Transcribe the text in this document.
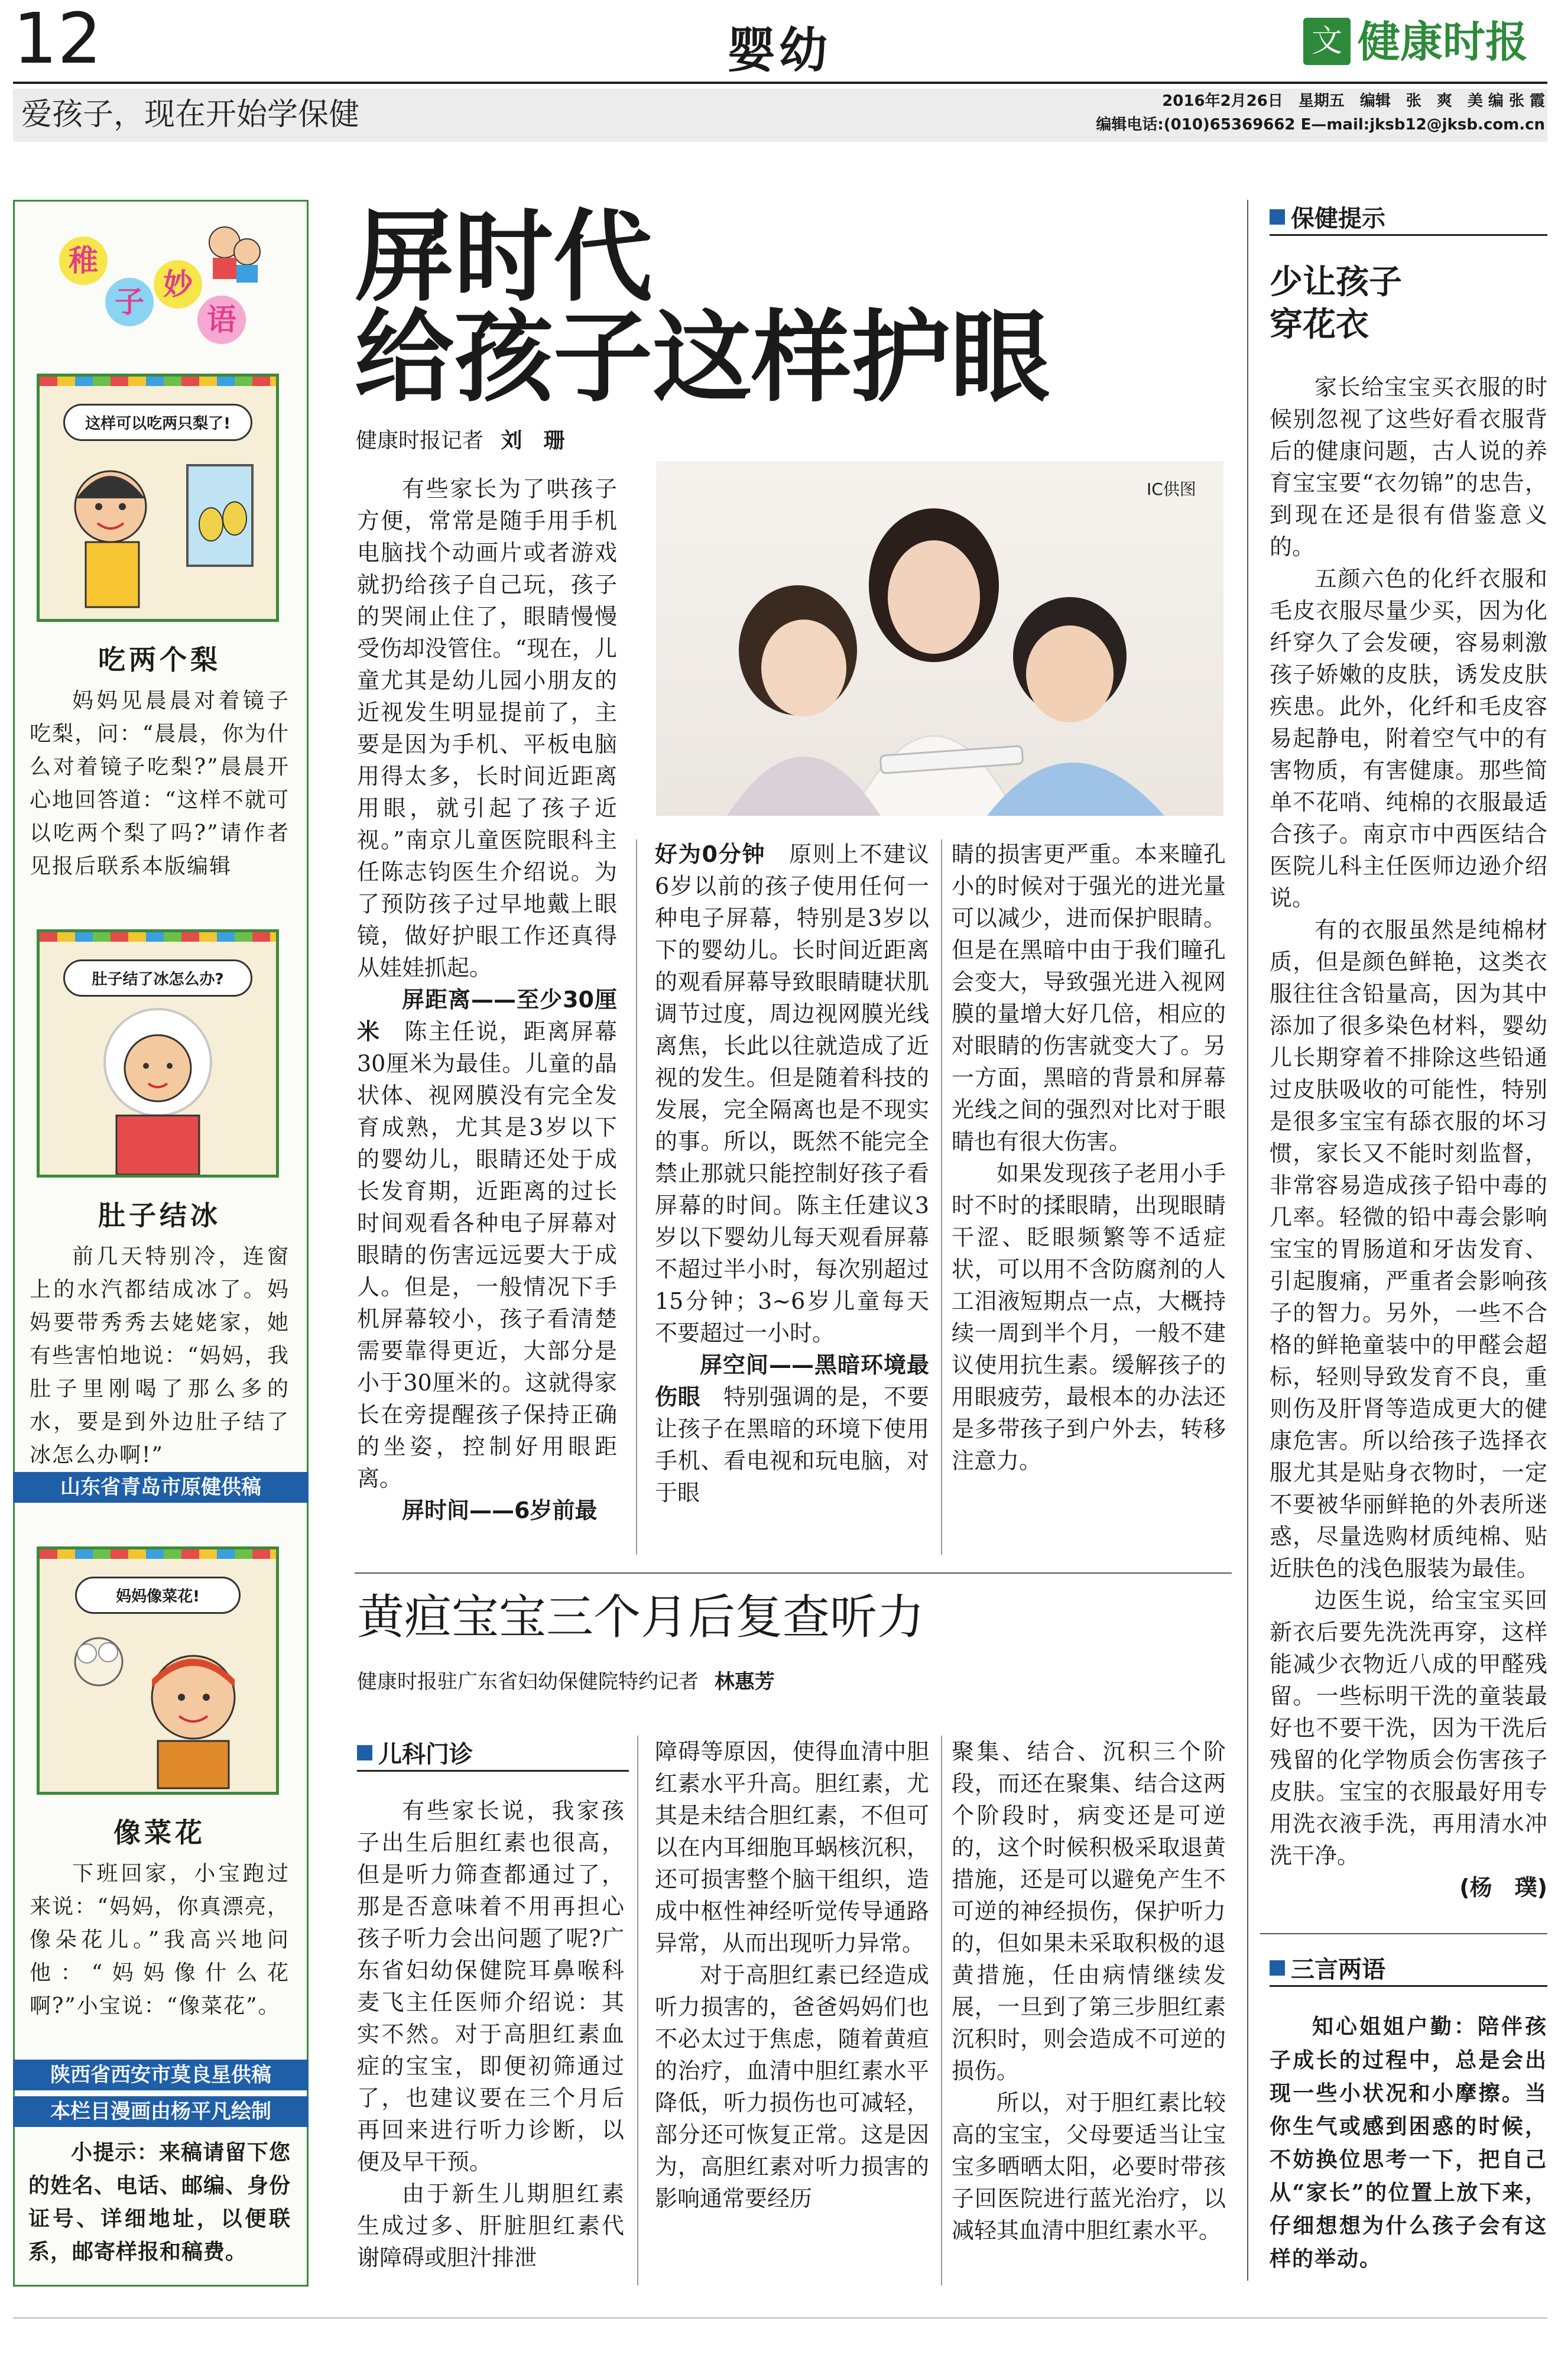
12	婴幼	文 健康时报
爱孩子，现在开始学保健	2016年2月26日　星期五　编辑　张　爽　美 编 张 霞
编辑电话:(010)65369662 E—mail:jksb12@jksb.com.cn
稚
子
妙
语
这样可以吃两只梨了!
吃两个梨
妈妈见晨晨对着镜子吃梨，问：“晨晨，你为什么对着镜子吃梨?”晨晨开心地回答道：“这样不就可以吃两个梨了吗?”请作者见报后联系本版编辑
肚子结了冰怎么办?
肚子结冰
前几天特别冷，连窗上的水汽都结成冰了。妈妈要带秀秀去姥姥家，她有些害怕地说：“妈妈，我肚子里刚喝了那么多的水，要是到外边肚子结了冰怎么办啊!”
山东省青岛市原健供稿
妈妈像菜花!
像菜花
下班回家，小宝跑过来说：“妈妈，你真漂亮，像朵花儿。”我高兴地问他：“妈妈像什么花啊?”小宝说：“像菜花”。
陕西省西安市莫良星供稿
本栏目漫画由杨平凡绘制
小提示：来稿请留下您的姓名、电话、邮编、身份证号、详细地址，以便联系，邮寄样报和稿费。
屏时代
给孩子这样护眼
健康时报记者 刘　珊
IC供图

有些家长为了哄孩子方便，常常是随手用手机电脑找个动画片或者游戏就扔给孩子自己玩，孩子的哭闹止住了，眼睛慢慢受伤却没管住。“现在，儿童尤其是幼儿园小朋友的近视发生明显提前了，主要是因为手机、平板电脑用得太多，长时间近距离用眼，就引起了孩子近视。”南京儿童医院眼科主任陈志钧医生介绍说。为了预防孩子过早地戴上眼镜，做好护眼工作还真得从娃娃抓起。

屏距离——至少30厘米　 陈主任说，距离屏幕30厘米为最佳。儿童的晶状体、视网膜没有完全发育成熟，尤其是3岁以下的婴幼儿，眼睛还处于成长发育期，近距离的过长时间观看各种电子屏幕对眼睛的伤害远远要大于成人。但是，一般情况下手机屏幕较小，孩子看清楚需要靠得更近，大部分是小于30厘米的。这就得家长在旁提醒孩子保持正确的坐姿，控制好用眼距离。

屏时间——6岁前最

好为0分钟　 原则上不建议6岁以前的孩子使用任何一种电子屏幕，特别是3岁以下的婴幼儿。长时间近距离的观看屏幕导致眼睛睫状肌调节过度，周边视网膜光线离焦，长此以往就造成了近视的发生。但是随着科技的发展，完全隔离也是不现实的事。所以，既然不能完全禁止那就只能控制好孩子看屏幕的时间。陈主任建议3岁以下婴幼儿每天观看屏幕不超过半小时，每次别超过15分钟；3~6岁儿童每天不要超过一小时。

屏空间——黑暗环境最伤眼　 特别强调的是，不要让孩子在黑暗的环境下使用手机、看电视和玩电脑，对于眼

睛的损害更严重。本来瞳孔小的时候对于强光的进光量可以减少，进而保护眼睛。但是在黑暗中由于我们瞳孔会变大，导致强光进入视网膜的量增大好几倍，相应的对眼睛的伤害就变大了。另一方面，黑暗的背景和屏幕光线之间的强烈对比对于眼睛也有很大伤害。

如果发现孩子老用小手时不时的揉眼睛，出现眼睛干涩、眨眼频繁等不适症状，可以用不含防腐剂的人工泪液短期点一点，大概持续一周到半个月，一般不建议使用抗生素。缓解孩子的用眼疲劳，最根本的办法还是多带孩子到户外去，转移注意力。

黄疸宝宝三个月后复查听力
健康时报驻广东省妇幼保健院特约记者 林惠芳
儿科门诊

有些家长说，我家孩子出生后胆红素也很高，但是听力筛查都通过了，那是否意味着不用再担心孩子听力会出问题了呢?广东省妇幼保健院耳鼻喉科麦飞主任医师介绍说：其实不然。对于高胆红素血症的宝宝，即便初筛通过了，也建议要在三个月后再回来进行听力诊断，以便及早干预。

由于新生儿期胆红素生成过多、肝脏胆红素代谢障碍或胆汁排泄

障碍等原因，使得血清中胆红素水平升高。胆红素，尤其是未结合胆红素，不但可以在内耳细胞耳蜗核沉积，还可损害整个脑干组织，造成中枢性神经听觉传导通路异常，从而出现听力异常。

对于高胆红素已经造成听力损害的，爸爸妈妈们也不必太过于焦虑，随着黄疸的治疗，血清中胆红素水平降低，听力损伤也可减轻，部分还可恢复正常。这是因为，高胆红素对听力损害的影响通常要经历

聚集、结合、沉积三个阶段，而还在聚集、结合这两个阶段时，病变还是可逆的，这个时候积极采取退黄措施，还是可以避免产生不可逆的神经损伤，保护听力的，但如果未采取积极的退黄措施，任由病情继续发展，一旦到了第三步胆红素沉积时，则会造成不可逆的损伤。

所以，对于胆红素比较高的宝宝，父母要适当让宝宝多晒晒太阳，必要时带孩子回医院进行蓝光治疗，以减轻其血清中胆红素水平。

保健提示
少让孩子
穿花衣

家长给宝宝买衣服的时候别忽视了这些好看衣服背后的健康问题，古人说的养育宝宝要“衣勿锦”的忠告，到现在还是很有借鉴意义的。

五颜六色的化纤衣服和毛皮衣服尽量少买，因为化纤穿久了会发硬，容易刺激孩子娇嫩的皮肤，诱发皮肤疾患。此外，化纤和毛皮容易起静电，附着空气中的有害物质，有害健康。那些简单不花哨、纯棉的衣服最适合孩子。南京市中西医结合医院儿科主任医师边逊介绍说。

有的衣服虽然是纯棉材质，但是颜色鲜艳，这类衣服往往含铅量高，因为其中添加了很多染色材料，婴幼儿长期穿着不排除这些铅通过皮肤吸收的可能性，特别是很多宝宝有舔衣服的坏习惯，家长又不能时刻监督，非常容易造成孩子铅中毒的几率。轻微的铅中毒会影响宝宝的胃肠道和牙齿发育、引起腹痛，严重者会影响孩子的智力。另外，一些不合格的鲜艳童装中的甲醛会超标，轻则导致发育不良，重则伤及肝肾等造成更大的健康危害。所以给孩子选择衣服尤其是贴身衣物时，一定不要被华丽鲜艳的外表所迷惑，尽量选购材质纯棉、贴近肤色的浅色服装为最佳。

边医生说，给宝宝买回新衣后要先洗洗再穿，这样能减少衣物近八成的甲醛残留。一些标明干洗的童装最好也不要干洗，因为干洗后残留的化学物质会伤害孩子皮肤。宝宝的衣服最好用专用洗衣液手洗，再用清水冲洗干净。

(杨　璞)

三言两语
知心姐姐户勤：陪伴孩子成长的过程中，总是会出现一些小状况和小摩擦。当你生气或感到困惑的时候，不妨换位思考一下，把自己从“家长”的位置上放下来，仔细想想为什么孩子会有这样的举动。
